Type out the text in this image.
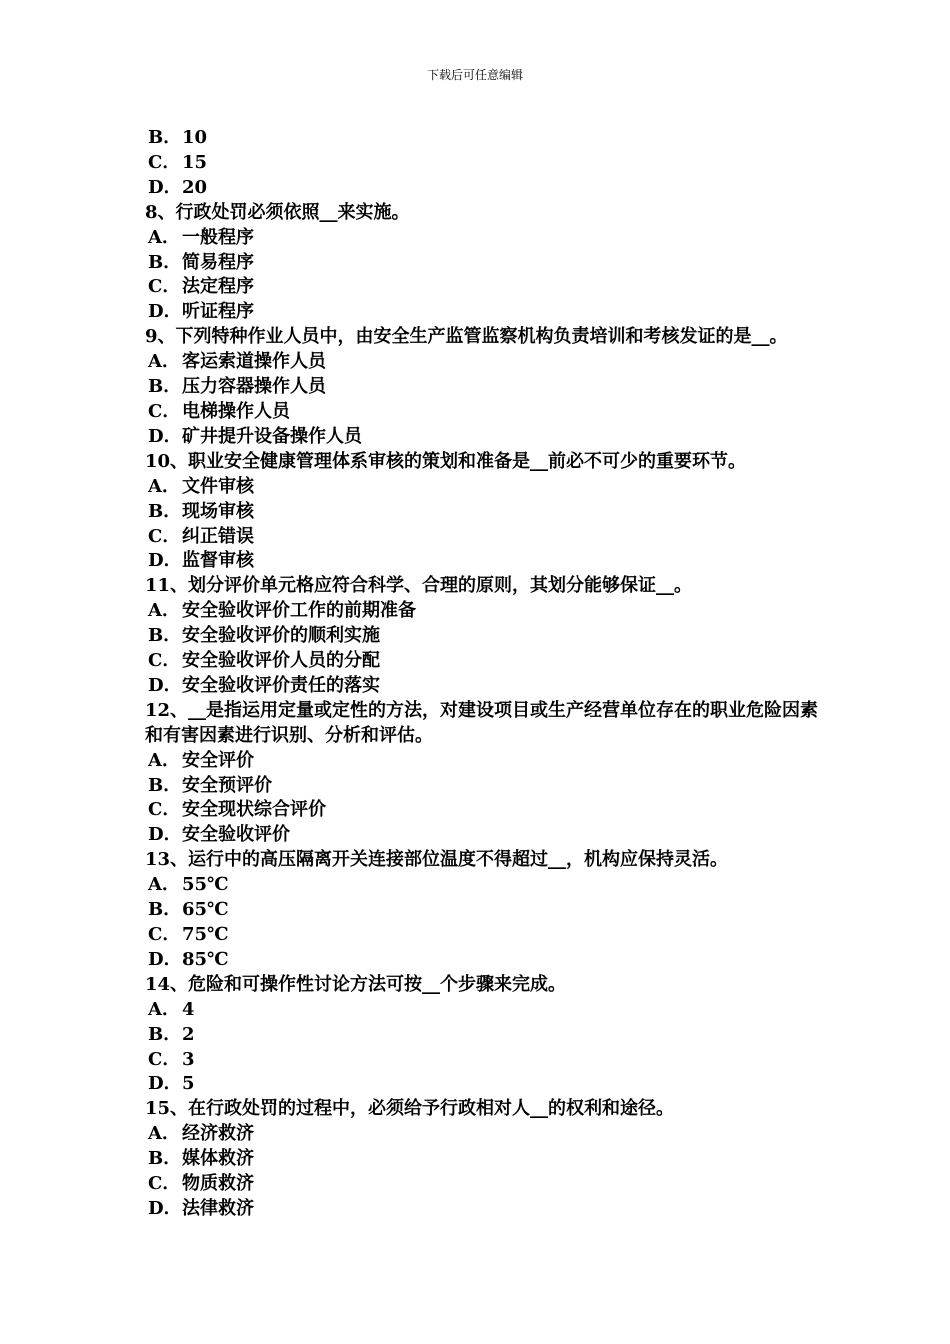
下载后可任意编辑
B．10
C．15
D．20
8、行政处罚必须依照__来实施。
A． 一般程序
B．简易程序
C．法定程序
D．听证程序
9、下列特种作业人员中，由安全生产监管监察机构负责培训和考核发证的是__。
A． 客运索道操作人员
B．压力容器操作人员
C．电梯操作人员
D．矿井提升设备操作人员
10、职业安全健康管理体系审核的策划和准备是__前必不可少的重要环节。
A． 文件审核
B．现场审核
C．纠正错误
D．监督审核
11、划分评价单元格应符合科学、合理的原则，其划分能够保证__。
A． 安全验收评价工作的前期准备
B．安全验收评价的顺利实施
C．安全验收评价人员的分配
D．安全验收评价责任的落实
12、__是指运用定量或定性的方法，对建设项目或生产经营单位存在的职业危险因素和有害因素进行识别、分析和评估。
A． 安全评价
B．安全预评价
C．安全现状综合评价
D．安全验收评价
13、运行中的高压隔离开关连接部位温度不得超过__，机构应保持灵活。
A． 55℃
B．65℃
C．75℃
D．85℃
14、危险和可操作性讨论方法可按__个步骤来完成。
A． 4
B．2
C．3
D．5
15、在行政处罚的过程中，必须给予行政相对人__的权利和途径。
A． 经济救济
B．媒体救济
C．物质救济
D．法律救济
